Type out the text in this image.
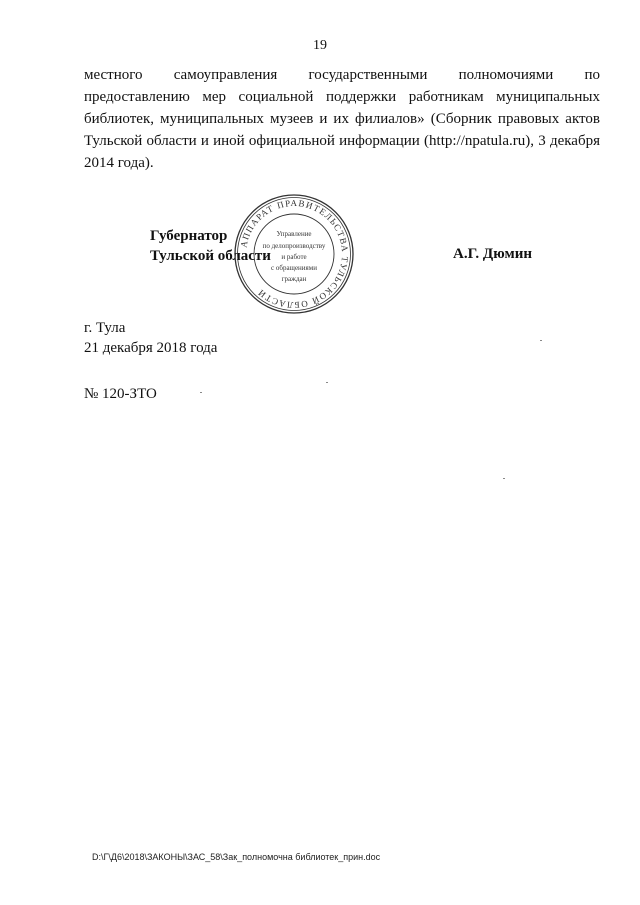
19
местного самоуправления государственными полномочиями по
предоставлению мер социальной поддержки работникам муниципальных
библиотек, муниципальных музеев и их филиалов» (Сборник правовых актов
Тульской области и иной официальной информации (http://npatula.ru), 3 декабря
2014 года).
Губернатор
Тульской области
АППАРАТ ПРАВИТЕЛЬСТВА ТУЛЬСКОЙ ОБЛАСТИ
Управление
по делопроизводству
и работе
с обращениями
граждан
А.Г. Дюмин
г. Тула
21 декабря 2018 года
№ 120-ЗТО
D:\Г\Д6\2018\ЗАКОНЫ\ЗАС_58\Зак_полномочна библиотек_прин.doc
